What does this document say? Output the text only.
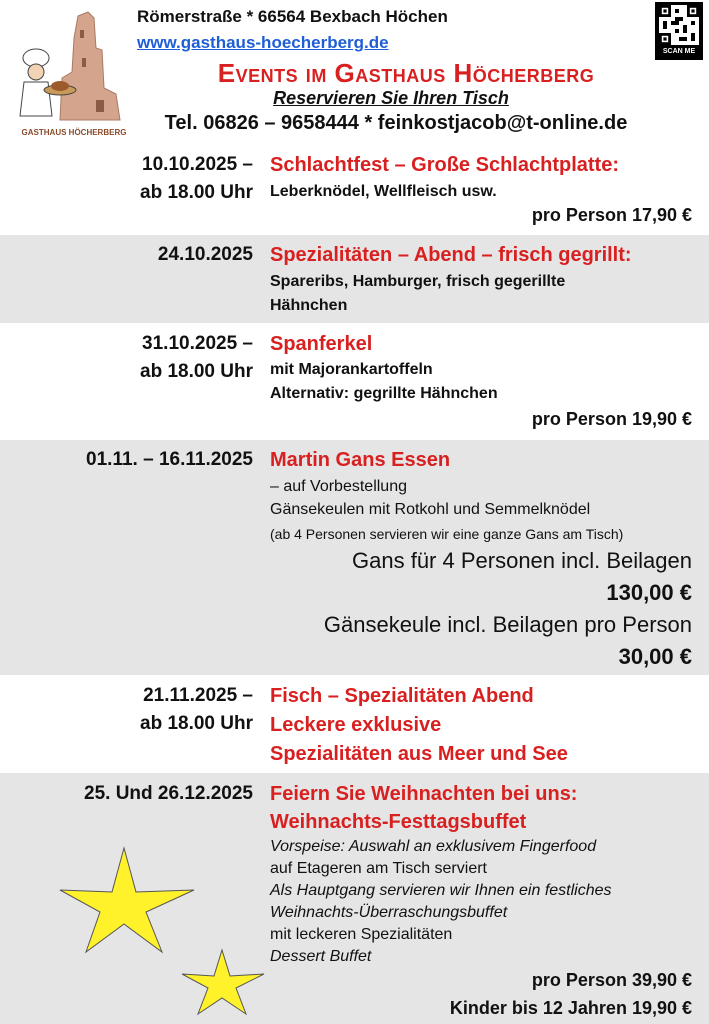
GASTHAUS HÖCHERBERG
Römerstraße * 66564 Bexbach Höchen
www.gasthaus-hoecherberg.de	SCAN ME
Events im Gasthaus Höcherberg
Reservieren Sie Ihren Tisch
Tel. 06826 – 9658444 * feinkostjacob@t-online.de
10.10.2025 –
ab 18.00 Uhr
Schlachtfest – Große Schlachtplatte:
Leberknödel, Wellfleisch usw.
pro Person 17,90 €
24.10.2025 Spezialitäten – Abend – frisch gegrillt:
Spareribs, Hamburger, frisch gegerillte
Hähnchen
31.10.2025 –
ab 18.00 Uhr
Spanferkel
mit Majorankartoffeln
Alternativ: gegrillte Hähnchen
pro Person 19,90 €
01.11. – 16.11.2025 Martin Gans Essen
– auf Vorbestellung
Gänsekeulen mit Rotkohl und Semmelknödel
(ab 4 Personen servieren wir eine ganze Gans am Tisch)
Gans für 4 Personen incl. Beilagen
130,00 €
Gänsekeule incl. Beilagen pro Person
30,00 €
21.11.2025 –
ab 18.00 Uhr
Fisch – Spezialitäten Abend
Leckere exklusive
Spezialitäten aus Meer und See
25. Und 26.12.2025 Feiern Sie Weihnachten bei uns:
Weihnachts-Festtagsbuffet
Vorspeise: Auswahl an exklusivem Fingerfood
auf Etageren am Tisch serviert
Als Hauptgang servieren wir Ihnen ein festliches
Weihnachts-Überraschungsbuffet
mit leckeren Spezialitäten
Dessert Buffet
pro Person 39,90 €
Kinder bis 12 Jahren 19,90 €
